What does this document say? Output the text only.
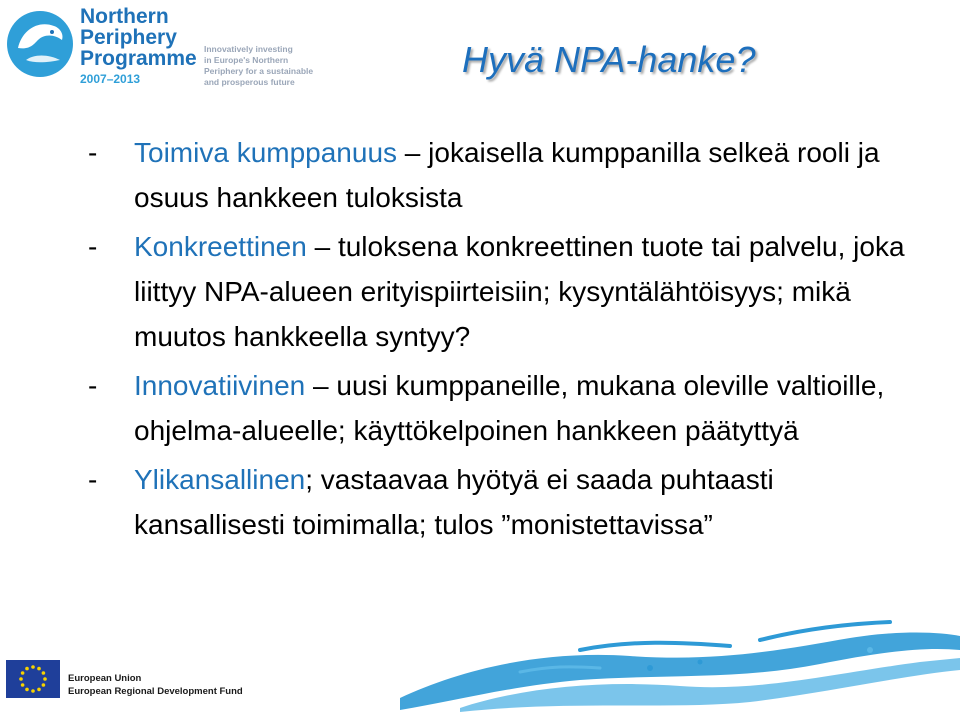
Northern
Periphery
Programme
2007–2013
Innovatively investing
in Europe's Northern
Periphery for a sustainable
and prosperous future
Hyvä NPA-hanke?
- Toimiva kumppanuus – jokaisella kumppanilla selkeä rooli ja osuus hankkeen tuloksista
- Konkreettinen – tuloksena konkreettinen tuote tai palvelu, joka liittyy NPA-alueen erityispiirteisiin; kysyntälähtöisyys; mikä muutos hankkeella syntyy?
- Innovatiivinen – uusi kumppaneille, mukana oleville valtioille, ohjelma-alueelle; käyttökelpoinen hankkeen päätyttyä
- Ylikansallinen; vastaavaa hyötyä ei saada puhtaasti kansallisesti toimimalla; tulos ”monistettavissa”
European Union
European Regional Development Fund
